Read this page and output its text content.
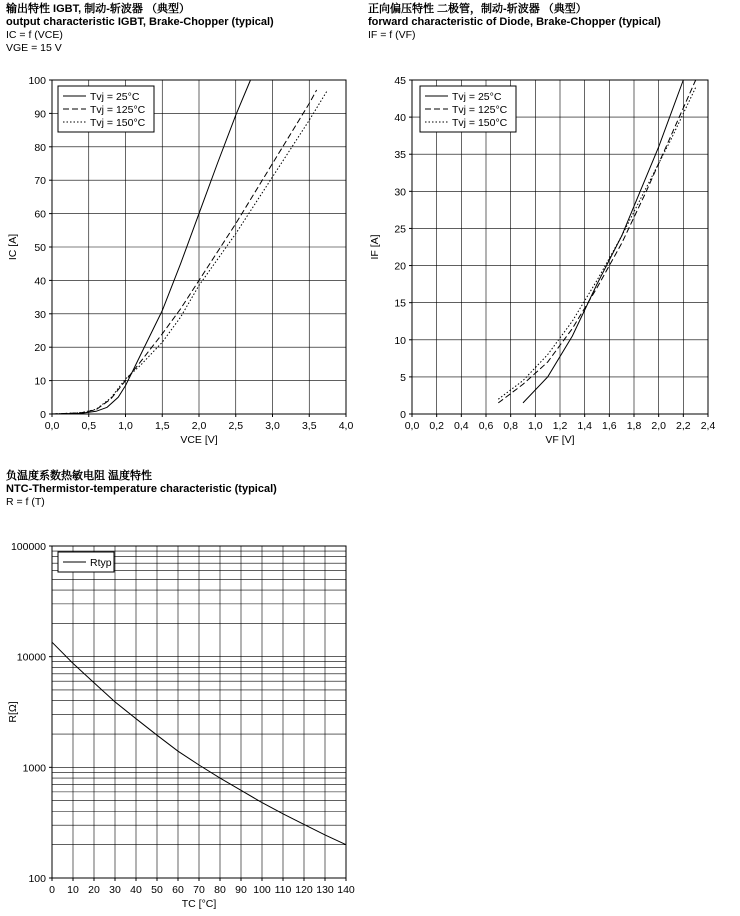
输出特性 IGBT, 制动-斩波器 （典型）
output characteristic IGBT, Brake-Chopper (typical)
IC = f (VCE)
VGE = 15 V
0,0 0,5 1,0 1,5 2,0 2,5 3,0 3,5 4,0
0
10
20
30
40
50
60
70
80
90
100
VCE [V]
IC [A]
Tvj = 25°C
Tvj = 125°C
Tvj = 150°C
正向偏压特性 二极管，制动-斩波器 （典型）
forward characteristic of Diode, Brake-Chopper (typical)
IF = f (VF)
0,0 0,2 0,4 0,6 0,8 1,0 1,2 1,4 1,6 1,8 2,0 2,2 2,4
0
5
10
15
20
25
30
35
40
45
VF [V]
IF [A]
Tvj = 25°C
Tvj = 125°C
Tvj = 150°C
负温度系数热敏电阻 温度特性
NTC-Thermistor-temperature characteristic (typical)
R = f (T)
0 10 20 30 40 50 60 70 80 90 100 110 120 130 140
100
1000
10000
100000
TC [°C]
R[Ω]
Rtyp
